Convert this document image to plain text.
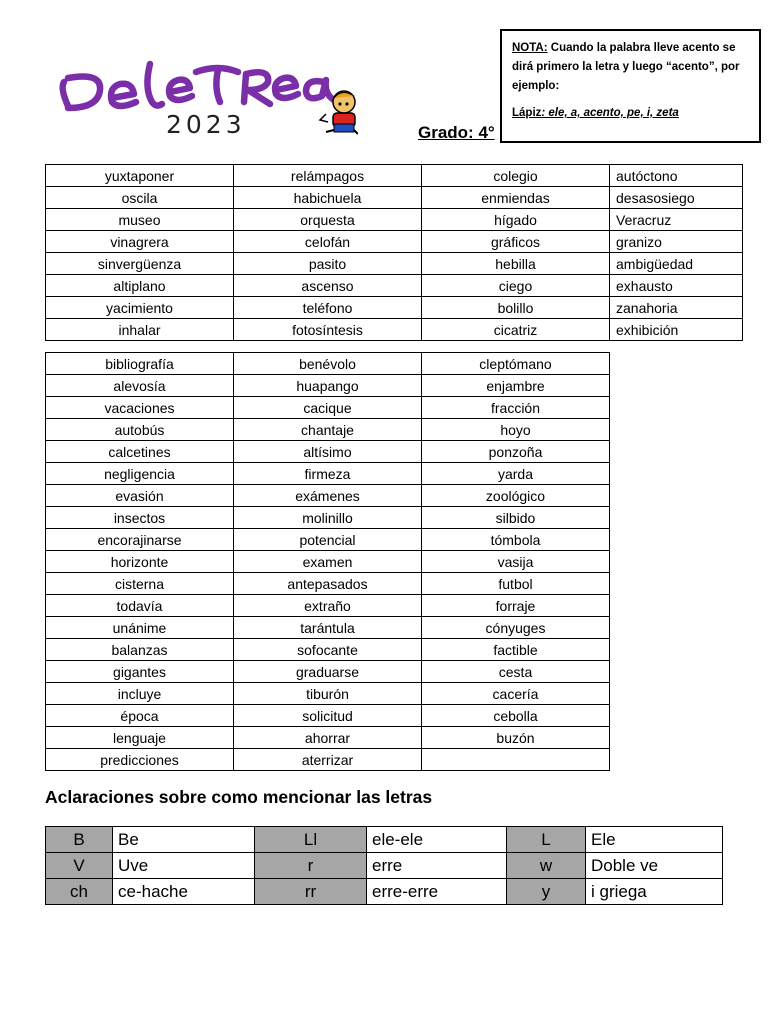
2023	Grado: 4°
NOTA: Cuando la palabra lleve acento se dirá primero la letra y luego “acento”, por ejemplo:
Lápiz: ele, a, acento, pe, i, zeta
yuxtaponer	relámpagos	colegio	autóctono
oscila	habichuela	enmiendas	desasosiego
museo	orquesta	hígado	Veracruz
vinagrera	celofán	gráficos	granizo
sinvergüenza	pasito	hebilla	ambigüedad
altiplano	ascenso	ciego	exhausto
yacimiento	teléfono	bolillo	zanahoria
inhalar	fotosíntesis	cicatriz	exhibición
bibliografía	benévolo	cleptómano
alevosía	huapango	enjambre
vacaciones	cacique	fracción
autobús	chantaje	hoyo
calcetines	altísimo	ponzoña
negligencia	firmeza	yarda
evasión	exámenes	zoológico
insectos	molinillo	silbido
encorajinarse	potencial	tómbola
horizonte	examen	vasija
cisterna	antepasados	futbol
todavía	extraño	forraje
unánime	tarántula	cónyuges
balanzas	sofocante	factible
gigantes	graduarse	cesta
incluye	tiburón	cacería
época	solicitud	cebolla
lenguaje	ahorrar	buzón
predicciones	aterrizar	
Aclaraciones sobre como mencionar las letras
B	Be	Ll	ele-ele	L	Ele
V	Uve	r	erre	w	Doble ve
ch	ce-hache	rr	erre-erre	y	i griega
